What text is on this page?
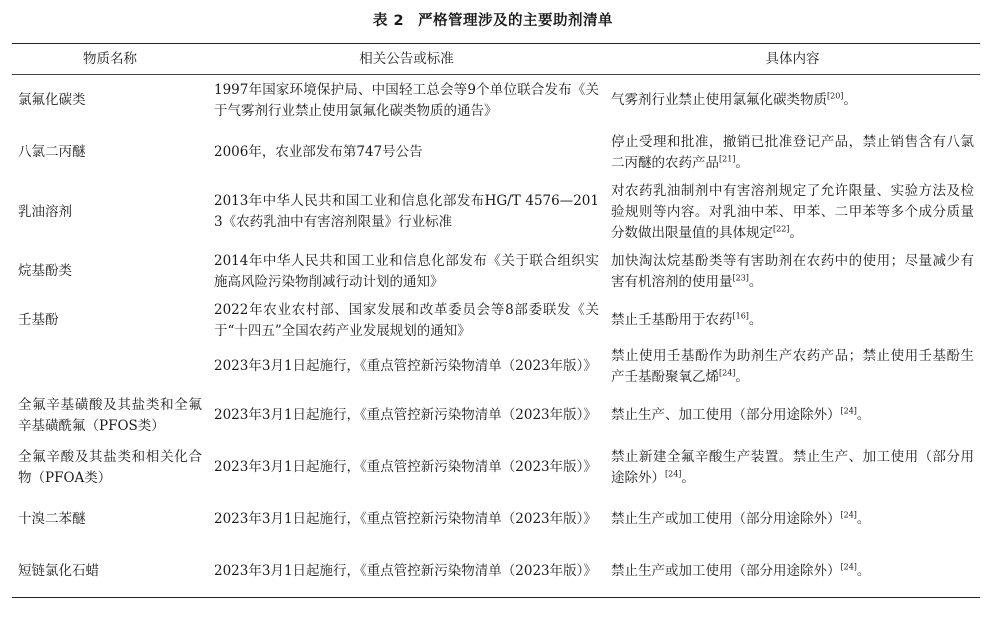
表 2 严格管理涉及的主要助剂清单
物质名称	相关公告或标准	具体内容
氯氟化碳类	1997年国家环境保护局、中国轻工总会等9个单位联合发布《关于气雾剂行业禁止使用氯氟化碳类物质的通告》	气雾剂行业禁止使用氯氟化碳类物质[20]。
八氯二丙醚	2006年，农业部发布第747号公告	停止受理和批准，撤销已批准登记产品，禁止销售含有八氯二丙醚的农药产品[21]。
乳油溶剂	2013年中华人民共和国工业和信息化部发布HG/T 4576—2013《农药乳油中有害溶剂限量》行业标准	对农药乳油制剂中有害溶剂规定了允许限量、实验方法及检验规则等内容。对乳油中苯、甲苯、二甲苯等多个成分质量分数做出限量值的具体规定[22]。
烷基酚类	2014年中华人民共和国工业和信息化部发布《关于联合组织实施高风险污染物削减行动计划的通知》	加快淘汰烷基酚类等有害助剂在农药中的使用；尽量减少有害有机溶剂的使用量[23]。
壬基酚	2022年农业农村部、国家发展和改革委员会等8部委联发《关于“十四五”全国农药产业发展规划的通知》	禁止壬基酚用于农药[16]。
	2023年3月1日起施行，《重点管控新污染物清单（2023年版）》	禁止使用壬基酚作为助剂生产农药产品；禁止使用壬基酚生产壬基酚聚氧乙烯[24]。
全氟辛基磺酸及其盐类和全氟辛基磺酰氟（PFOS类）	2023年3月1日起施行，《重点管控新污染物清单（2023年版）》	禁止生产、加工使用（部分用途除外）[24]。
全氟辛酸及其盐类和相关化合物（PFOA类）	2023年3月1日起施行，《重点管控新污染物清单（2023年版）》	禁止新建全氟辛酸生产装置。禁止生产、加工使用（部分用途除外）[24]。
十溴二苯醚	2023年3月1日起施行，《重点管控新污染物清单（2023年版）》	禁止生产或加工使用（部分用途除外）[24]。
短链氯化石蜡	2023年3月1日起施行，《重点管控新污染物清单（2023年版）》	禁止生产或加工使用（部分用途除外）[24]。
